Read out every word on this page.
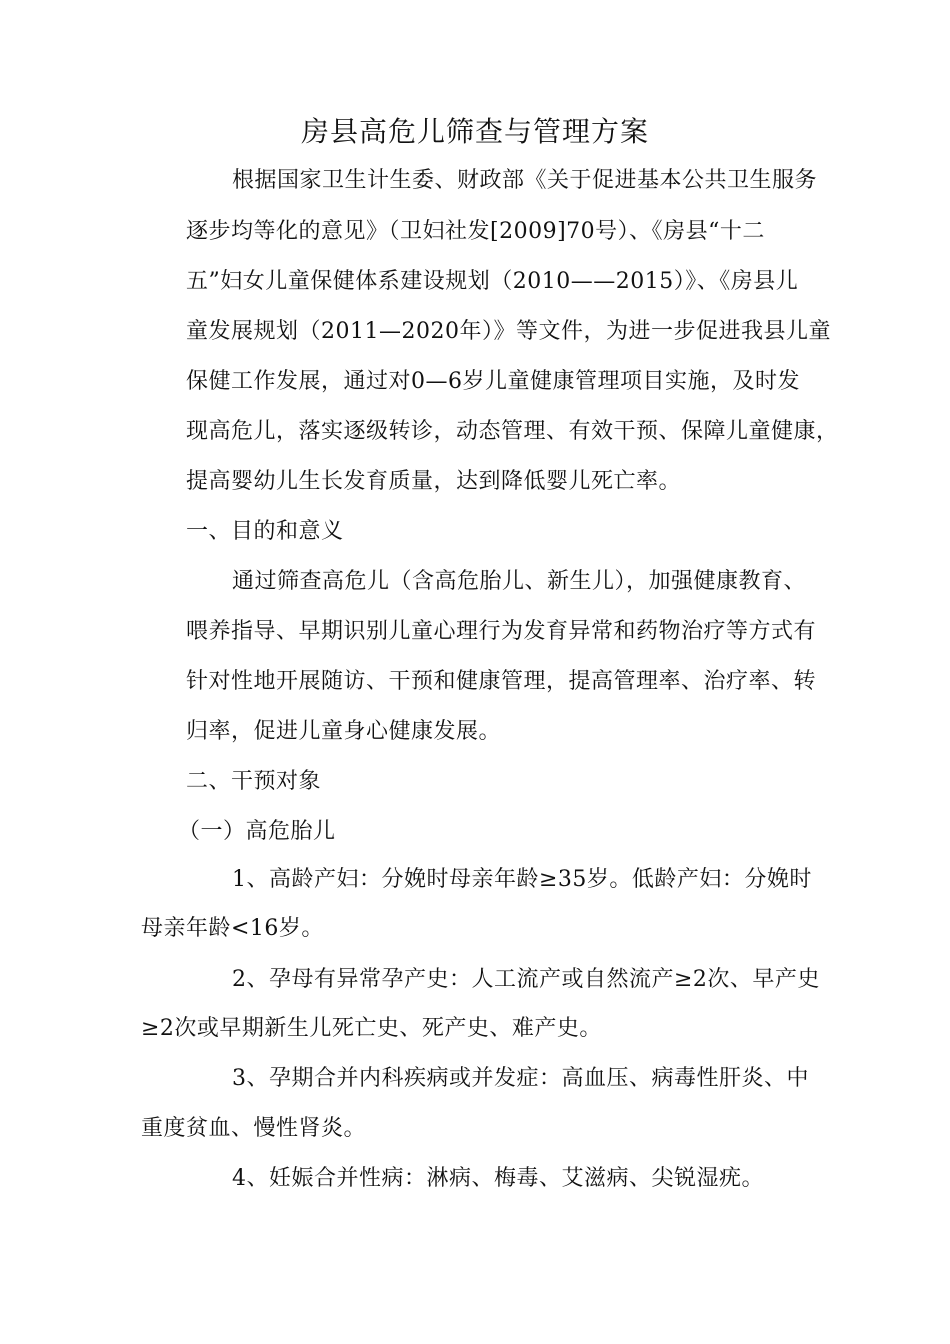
房县高危儿筛查与管理方案
根据国家卫生计生委、财政部《关于促进基本公共卫生服务
逐步均等化的意见》（卫妇社发[2009]70号）、《房县“十二
五”妇女儿童保健体系建设规划（2010——2015）》、《房县儿
童发展规划（2011—2020年）》等文件，为进一步促进我县儿童
保健工作发展，通过对0—6岁儿童健康管理项目实施，及时发
现高危儿，落实逐级转诊，动态管理、有效干预、保障儿童健康，
提高婴幼儿生长发育质量，达到降低婴儿死亡率。
一、目的和意义
通过筛查高危儿（含高危胎儿、新生儿），加强健康教育、
喂养指导、早期识别儿童心理行为发育异常和药物治疗等方式有
针对性地开展随访、干预和健康管理，提高管理率、治疗率、转
归率，促进儿童身心健康发展。
二、干预对象
（一）高危胎儿
1、高龄产妇：分娩时母亲年龄≥35岁。低龄产妇：分娩时
母亲年龄<16岁。
2、孕母有异常孕产史：人工流产或自然流产≥2次、早产史
≥2次或早期新生儿死亡史、死产史、难产史。
3、孕期合并内科疾病或并发症：高血压、病毒性肝炎、中
重度贫血、慢性肾炎。
4、妊娠合并性病：淋病、梅毒、艾滋病、尖锐湿疣。
